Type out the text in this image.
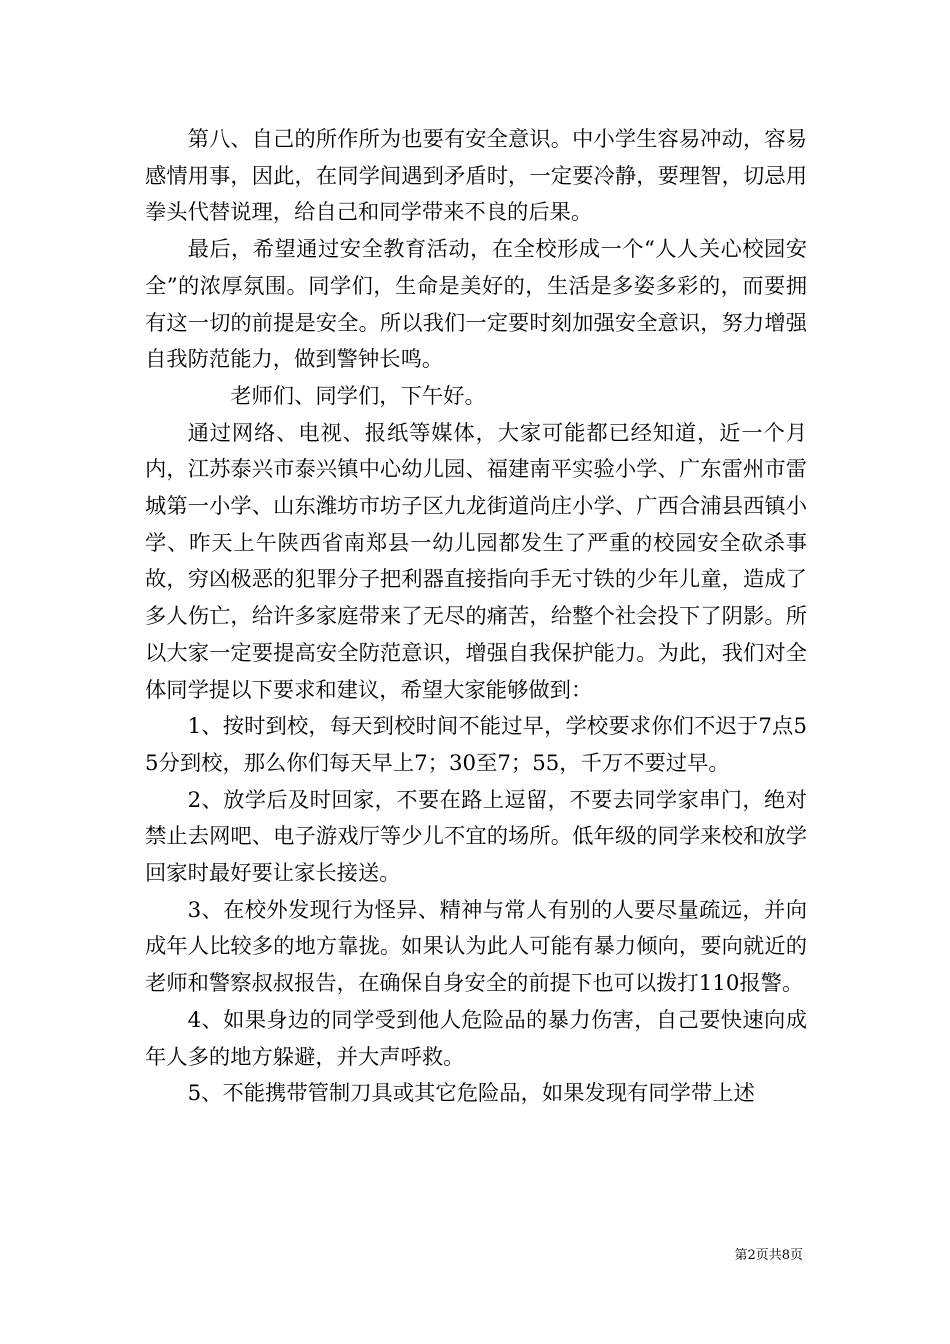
第八、自己的所作所为也要有安全意识。中小学生容易冲动，容易感情用事，因此，在同学间遇到矛盾时，一定要冷静，要理智，切忌用拳头代替说理，给自己和同学带来不良的后果。

最后，希望通过安全教育活动，在全校形成一个“人人关心校园安全”的浓厚氛围。同学们，生命是美好的，生活是多姿多彩的，而要拥有这一切的前提是安全。所以我们一定要时刻加强安全意识，努力增强自我防范能力，做到警钟长鸣。

老师们、同学们，下午好。

通过网络、电视、报纸等媒体，大家可能都已经知道，近一个月内，江苏泰兴市泰兴镇中心幼儿园、福建南平实验小学、广东雷州市雷城第一小学、山东潍坊市坊子区九龙街道尚庄小学、广西合浦县西镇小学、昨天上午陕西省南郑县一幼儿园都发生了严重的校园安全砍杀事故，穷凶极恶的犯罪分子把利器直接指向手无寸铁的少年儿童，造成了多人伤亡，给许多家庭带来了无尽的痛苦，给整个社会投下了阴影。所以大家一定要提高安全防范意识，增强自我保护能力。为此，我们对全体同学提以下要求和建议，希望大家能够做到：

1、按时到校，每天到校时间不能过早，学校要求你们不迟于7点55分到校，那么你们每天早上7；30至7；55，千万不要过早。

2、放学后及时回家，不要在路上逗留，不要去同学家串门，绝对禁止去网吧、电子游戏厅等少儿不宜的场所。低年级的同学来校和放学回家时最好要让家长接送。

3、在校外发现行为怪异、精神与常人有别的人要尽量疏远，并向成年人比较多的地方靠拢。如果认为此人可能有暴力倾向，要向就近的老师和警察叔叔报告，在确保自身安全的前提下也可以拨打110报警。

4、如果身边的同学受到他人危险品的暴力伤害，自己要快速向成年人多的地方躲避，并大声呼救。

5、不能携带管制刀具或其它危险品，如果发现有同学带上述

第2页共8页
